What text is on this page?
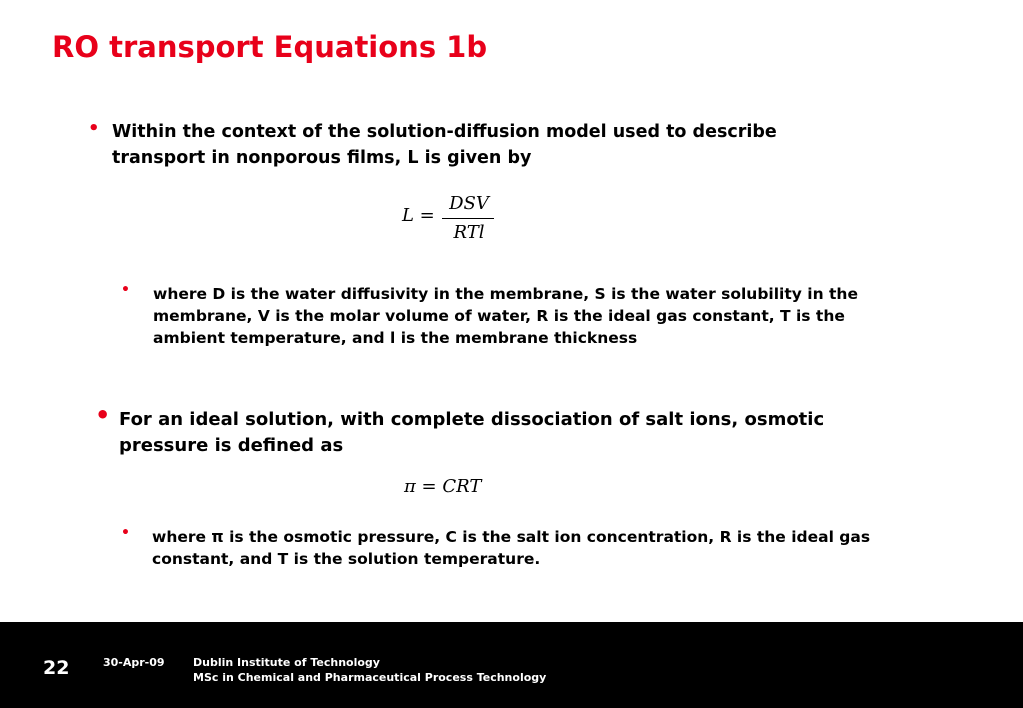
RO transport Equations 1b
• Within the context of the solution-diffusion model used to describe transport in nonporous films, L is given by
L =
DSV
RTl
• where D is the water diffusivity in the membrane, S is the water solubility in the membrane, V is the molar volume of water, R is the ideal gas constant, T is the ambient temperature, and l is the membrane thickness
• For an ideal solution, with complete dissociation of salt ions, osmotic pressure is defined as
π = CRT
• where π is the osmotic pressure, C is the salt ion concentration, R is the ideal gas constant, and T is the solution temperature.
22	30-Apr-09	Dublin Institute of Technology
MSc in Chemical and Pharmaceutical Process Technology
